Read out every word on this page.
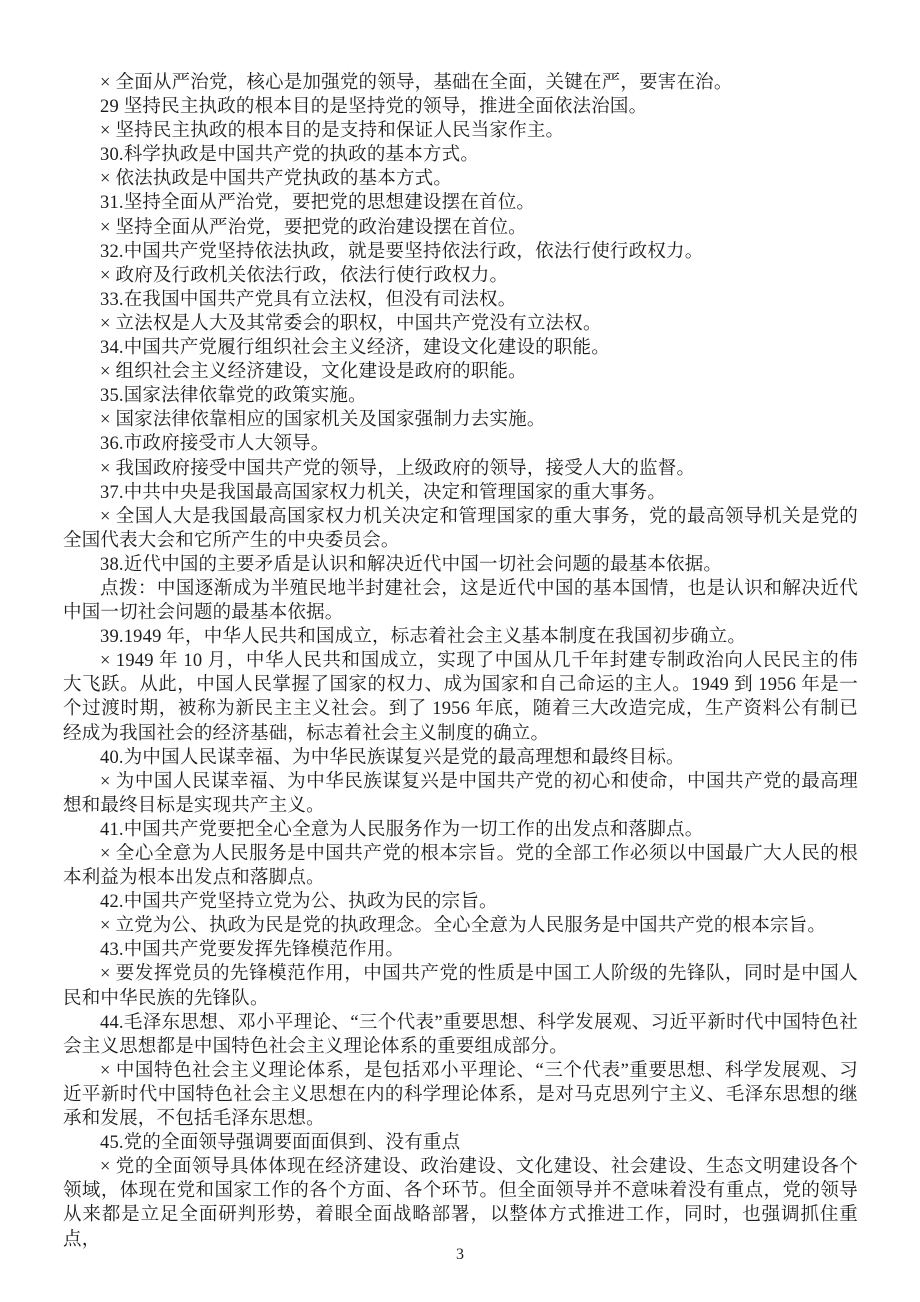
× 全面从严治党，核心是加强党的领导，基础在全面，关键在严，要害在治。

29 坚持民主执政的根本目的是坚持党的领导，推进全面依法治国。

× 坚持民主执政的根本目的是支持和保证人民当家作主。

30.科学执政是中国共产党的执政的基本方式。

× 依法执政是中国共产党执政的基本方式。

31.坚持全面从严治党，要把党的思想建设摆在首位。

× 坚持全面从严治党，要把党的政治建设摆在首位。

32.中国共产党坚持依法执政，就是要坚持依法行政，依法行使行政权力。

× 政府及行政机关依法行政，依法行使行政权力。

33.在我国中国共产党具有立法权，但没有司法权。

× 立法权是人大及其常委会的职权，中国共产党没有立法权。

34.中国共产党履行组织社会主义经济，建设文化建设的职能。

× 组织社会主义经济建设，文化建设是政府的职能。

35.国家法律依靠党的政策实施。

× 国家法律依靠相应的国家机关及国家强制力去实施。

36.市政府接受市人大领导。

× 我国政府接受中国共产党的领导，上级政府的领导，接受人大的监督。

37.中共中央是我国最高国家权力机关，决定和管理国家的重大事务。

× 全国人大是我国最高国家权力机关决定和管理国家的重大事务，党的最高领导机关是党的全国代表大会和它所产生的中央委员会。

38.近代中国的主要矛盾是认识和解决近代中国一切社会问题的最基本依据。

点拨：中国逐渐成为半殖民地半封建社会，这是近代中国的基本国情，也是认识和解决近代中国一切社会问题的最基本依据。

39.1949 年，中华人民共和国成立，标志着社会主义基本制度在我国初步确立。

× 1949 年 10 月，中华人民共和国成立，实现了中国从几千年封建专制政治向人民民主的伟大飞跃。从此，中国人民掌握了国家的权力、成为国家和自己命运的主人。1949 到 1956 年是一个过渡时期，被称为新民主主义社会。到了 1956 年底，随着三大改造完成，生产资料公有制已经成为我国社会的经济基础，标志着社会主义制度的确立。

40.为中国人民谋幸福、为中华民族谋复兴是党的最高理想和最终目标。

× 为中国人民谋幸福、为中华民族谋复兴是中国共产党的初心和使命，中国共产党的最高理想和最终目标是实现共产主义。

41.中国共产党要把全心全意为人民服务作为一切工作的出发点和落脚点。

× 全心全意为人民服务是中国共产党的根本宗旨。党的全部工作必须以中国最广大人民的根本利益为根本出发点和落脚点。

42.中国共产党坚持立党为公、执政为民的宗旨。

× 立党为公、执政为民是党的执政理念。全心全意为人民服务是中国共产党的根本宗旨。

43.中国共产党要发挥先锋模范作用。

× 要发挥党员的先锋模范作用，中国共产党的性质是中国工人阶级的先锋队，同时是中国人民和中华民族的先锋队。

44.毛泽东思想、邓小平理论、“三个代表”重要思想、科学发展观、习近平新时代中国特色社会主义思想都是中国特色社会主义理论体系的重要组成部分。

× 中国特色社会主义理论体系，是包括邓小平理论、“三个代表”重要思想、科学发展观、习近平新时代中国特色社会主义思想在内的科学理论体系，是对马克思列宁主义、毛泽东思想的继承和发展，不包括毛泽东思想。

45.党的全面领导强调要面面俱到、没有重点

× 党的全面领导具体体现在经济建设、政治建设、文化建设、社会建设、生态文明建设各个领域，体现在党和国家工作的各个方面、各个环节。但全面领导并不意味着没有重点，党的领导从来都是立足全面研判形势，着眼全面战略部署，以整体方式推进工作，同时，也强调抓住重点，

3
